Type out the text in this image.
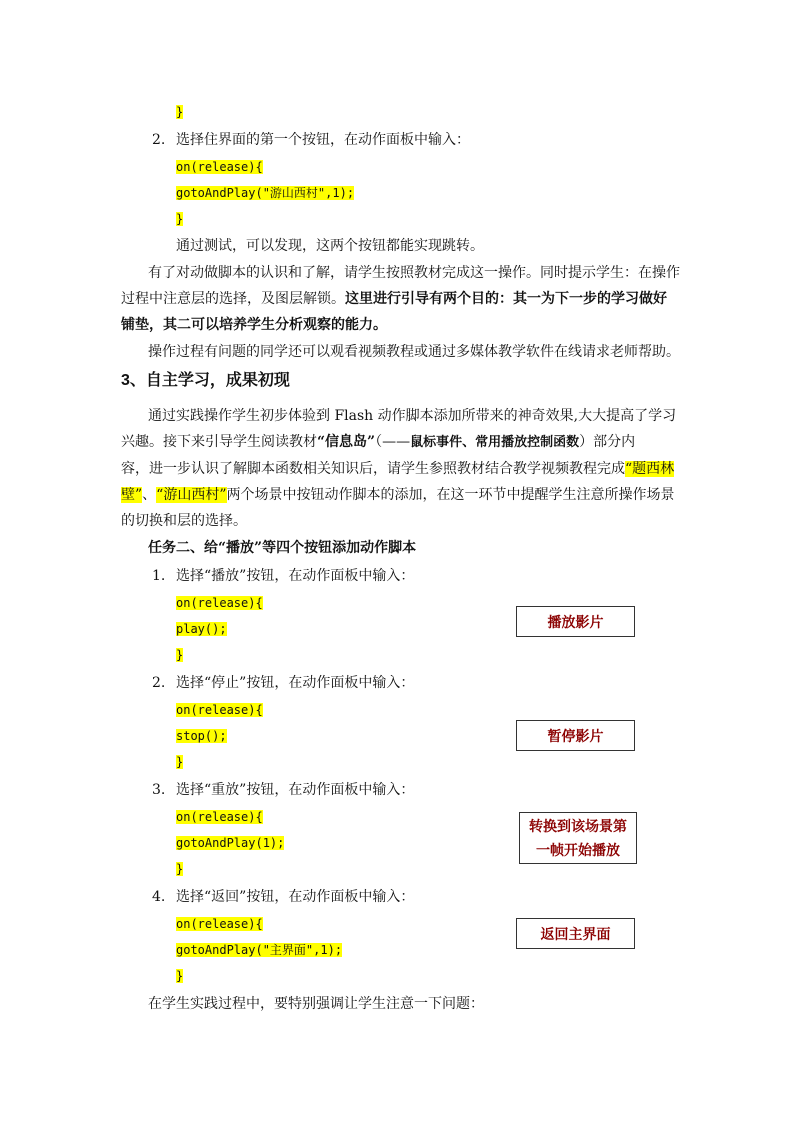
}
2. 选择住界面的第一个按钮，在动作面板中输入：
on(release){
gotoAndPlay("游山西村",1);
}
通过测试，可以发现，这两个按钮都能实现跳转。
有了对动做脚本的认识和了解，请学生按照教材完成这一操作。同时提示学生：在操作
过程中注意层的选择，及图层解锁。这里进行引导有两个目的：其一为下一步的学习做好
铺垫，其二可以培养学生分析观察的能力。
操作过程有问题的同学还可以观看视频教程或通过多媒体教学软件在线请求老师帮助。
3、自主学习，成果初现
通过实践操作学生初步体验到 Flash 动作脚本添加所带来的神奇效果,大大提高了学习
兴趣。接下来引导学生阅读教材“信息岛”（——鼠标事件、常用播放控制函数）部分内
容，进一步认识了解脚本函数相关知识后，请学生参照教材结合教学视频教程完成“题西林
壁”、“游山西村”两个场景中按钮动作脚本的添加，在这一环节中提醒学生注意所操作场景
的切换和层的选择。
任务二、给“播放”等四个按钮添加动作脚本
1. 选择“播放”按钮，在动作面板中输入：
on(release){
play();
}
播放影片
2. 选择“停止”按钮，在动作面板中输入：
on(release){
stop();
}
暂停影片
3. 选择“重放”按钮，在动作面板中输入：
on(release){
gotoAndPlay(1);
}
转换到该场景第一帧开始播放
4. 选择“返回”按钮，在动作面板中输入：
on(release){
gotoAndPlay("主界面",1);
}
返回主界面
在学生实践过程中，要特别强调让学生注意一下问题：
